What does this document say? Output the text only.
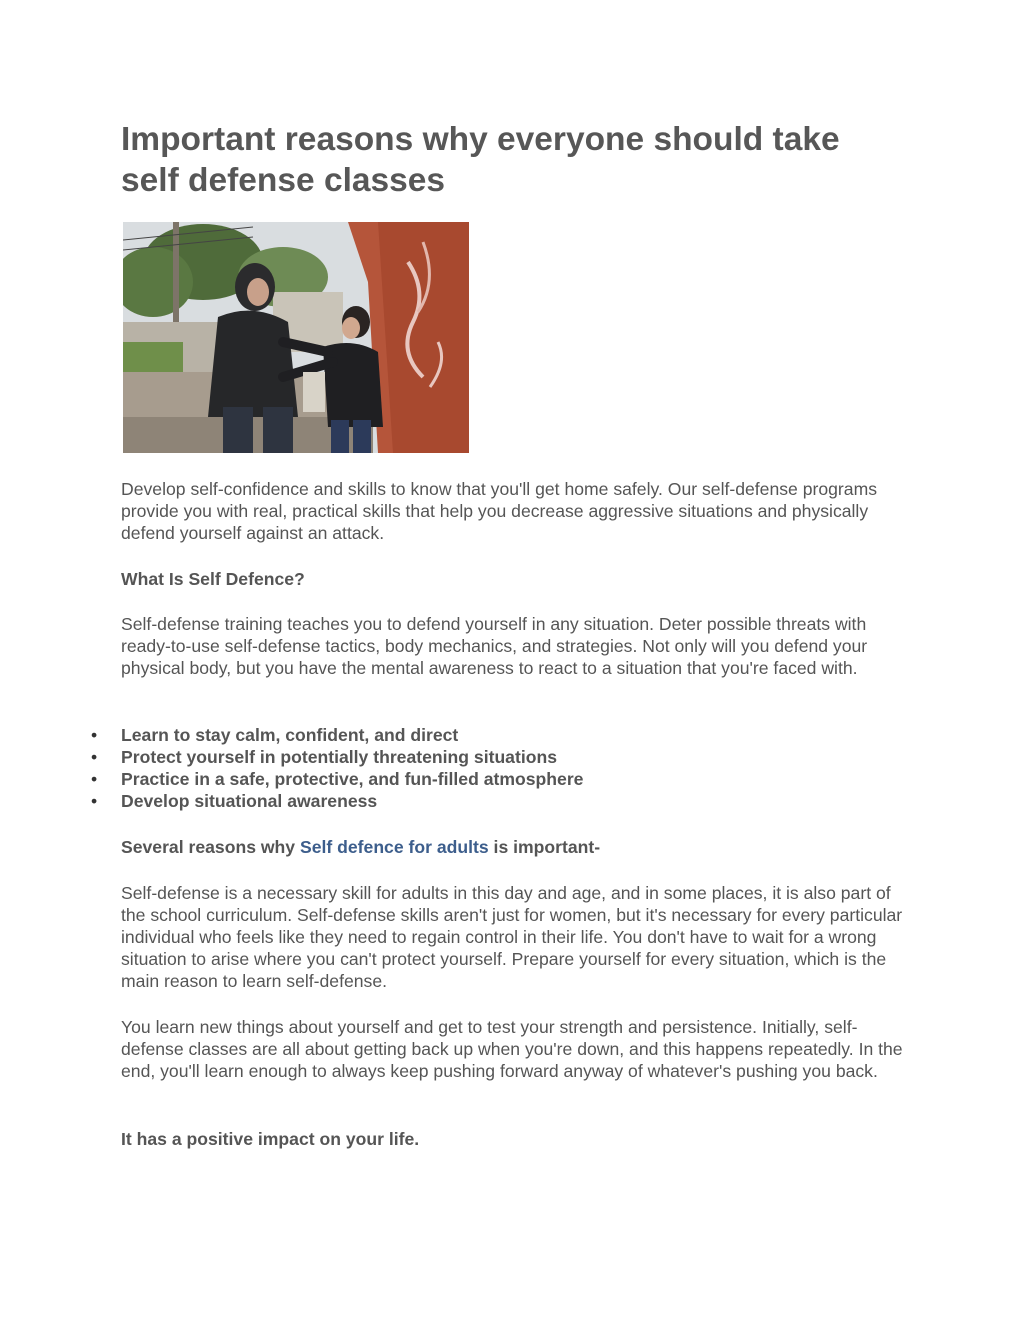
Important reasons why everyone should take self defense classes

Develop self-confidence and skills to know that you'll get home safely. Our self-defense programs provide you with real, practical skills that help you decrease aggressive situations and physically defend yourself against an attack.

What Is Self Defence?

Self-defense training teaches you to defend yourself in any situation. Deter possible threats with ready-to-use self-defense tactics, body mechanics, and strategies. Not only will you defend your physical body, but you have the mental awareness to react to a situation that you're faced with.

• Learn to stay calm, confident, and direct
• Protect yourself in potentially threatening situations
• Practice in a safe, protective, and fun-filled atmosphere
• Develop situational awareness

Several reasons why Self defence for adults is important-

Self-defense is a necessary skill for adults in this day and age, and in some places, it is also part of the school curriculum. Self-defense skills aren't just for women, but it's necessary for every particular individual who feels like they need to regain control in their life. You don't have to wait for a wrong situation to arise where you can't protect yourself. Prepare yourself for every situation, which is the main reason to learn self-defense.

You learn new things about yourself and get to test your strength and persistence. Initially, self-defense classes are all about getting back up when you're down, and this happens repeatedly. In the end, you'll learn enough to always keep pushing forward anyway of whatever's pushing you back.

It has a positive impact on your life.
